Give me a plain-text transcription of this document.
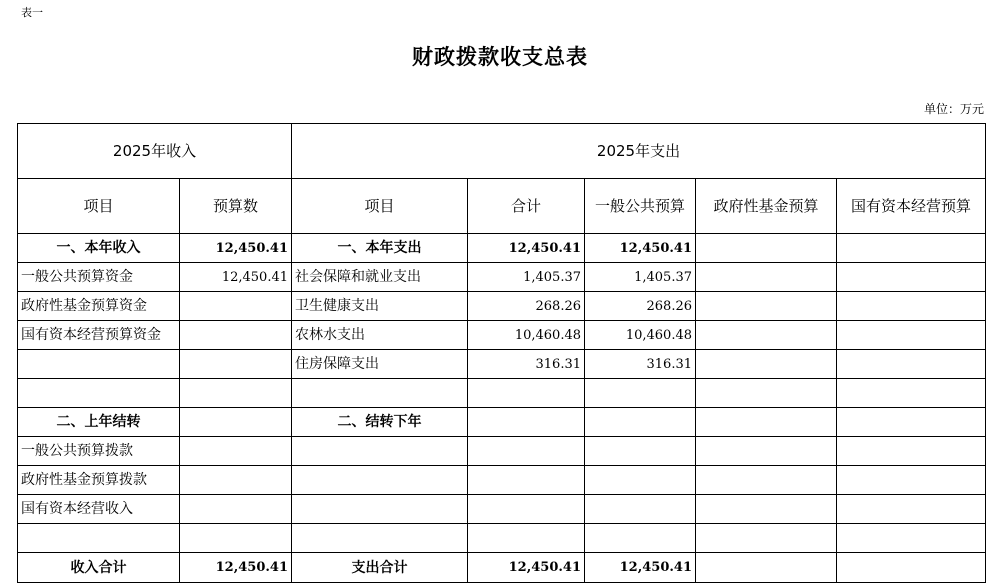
表一
财政拨款收支总表
单位：万元
2025年收入		2025年支出				
项目	预算数	项目	合计	一般公共预算	政府性基金预算	国有资本经营预算
一、本年收入	12,450.41	一、本年支出	12,450.41	12,450.41		
一般公共预算资金	12,450.41	社会保障和就业支出	1,405.37	1,405.37		
政府性基金预算资金		卫生健康支出	268.26	268.26		
国有资本经营预算资金		农林水支出	10,460.48	10,460.48		
		住房保障支出	316.31	316.31		

二、上年结转		二、结转下年				
一般公共预算拨款						
政府性基金预算拨款						
国有资本经营收入						

收入合计	12,450.41	支出合计	12,450.41	12,450.41		
